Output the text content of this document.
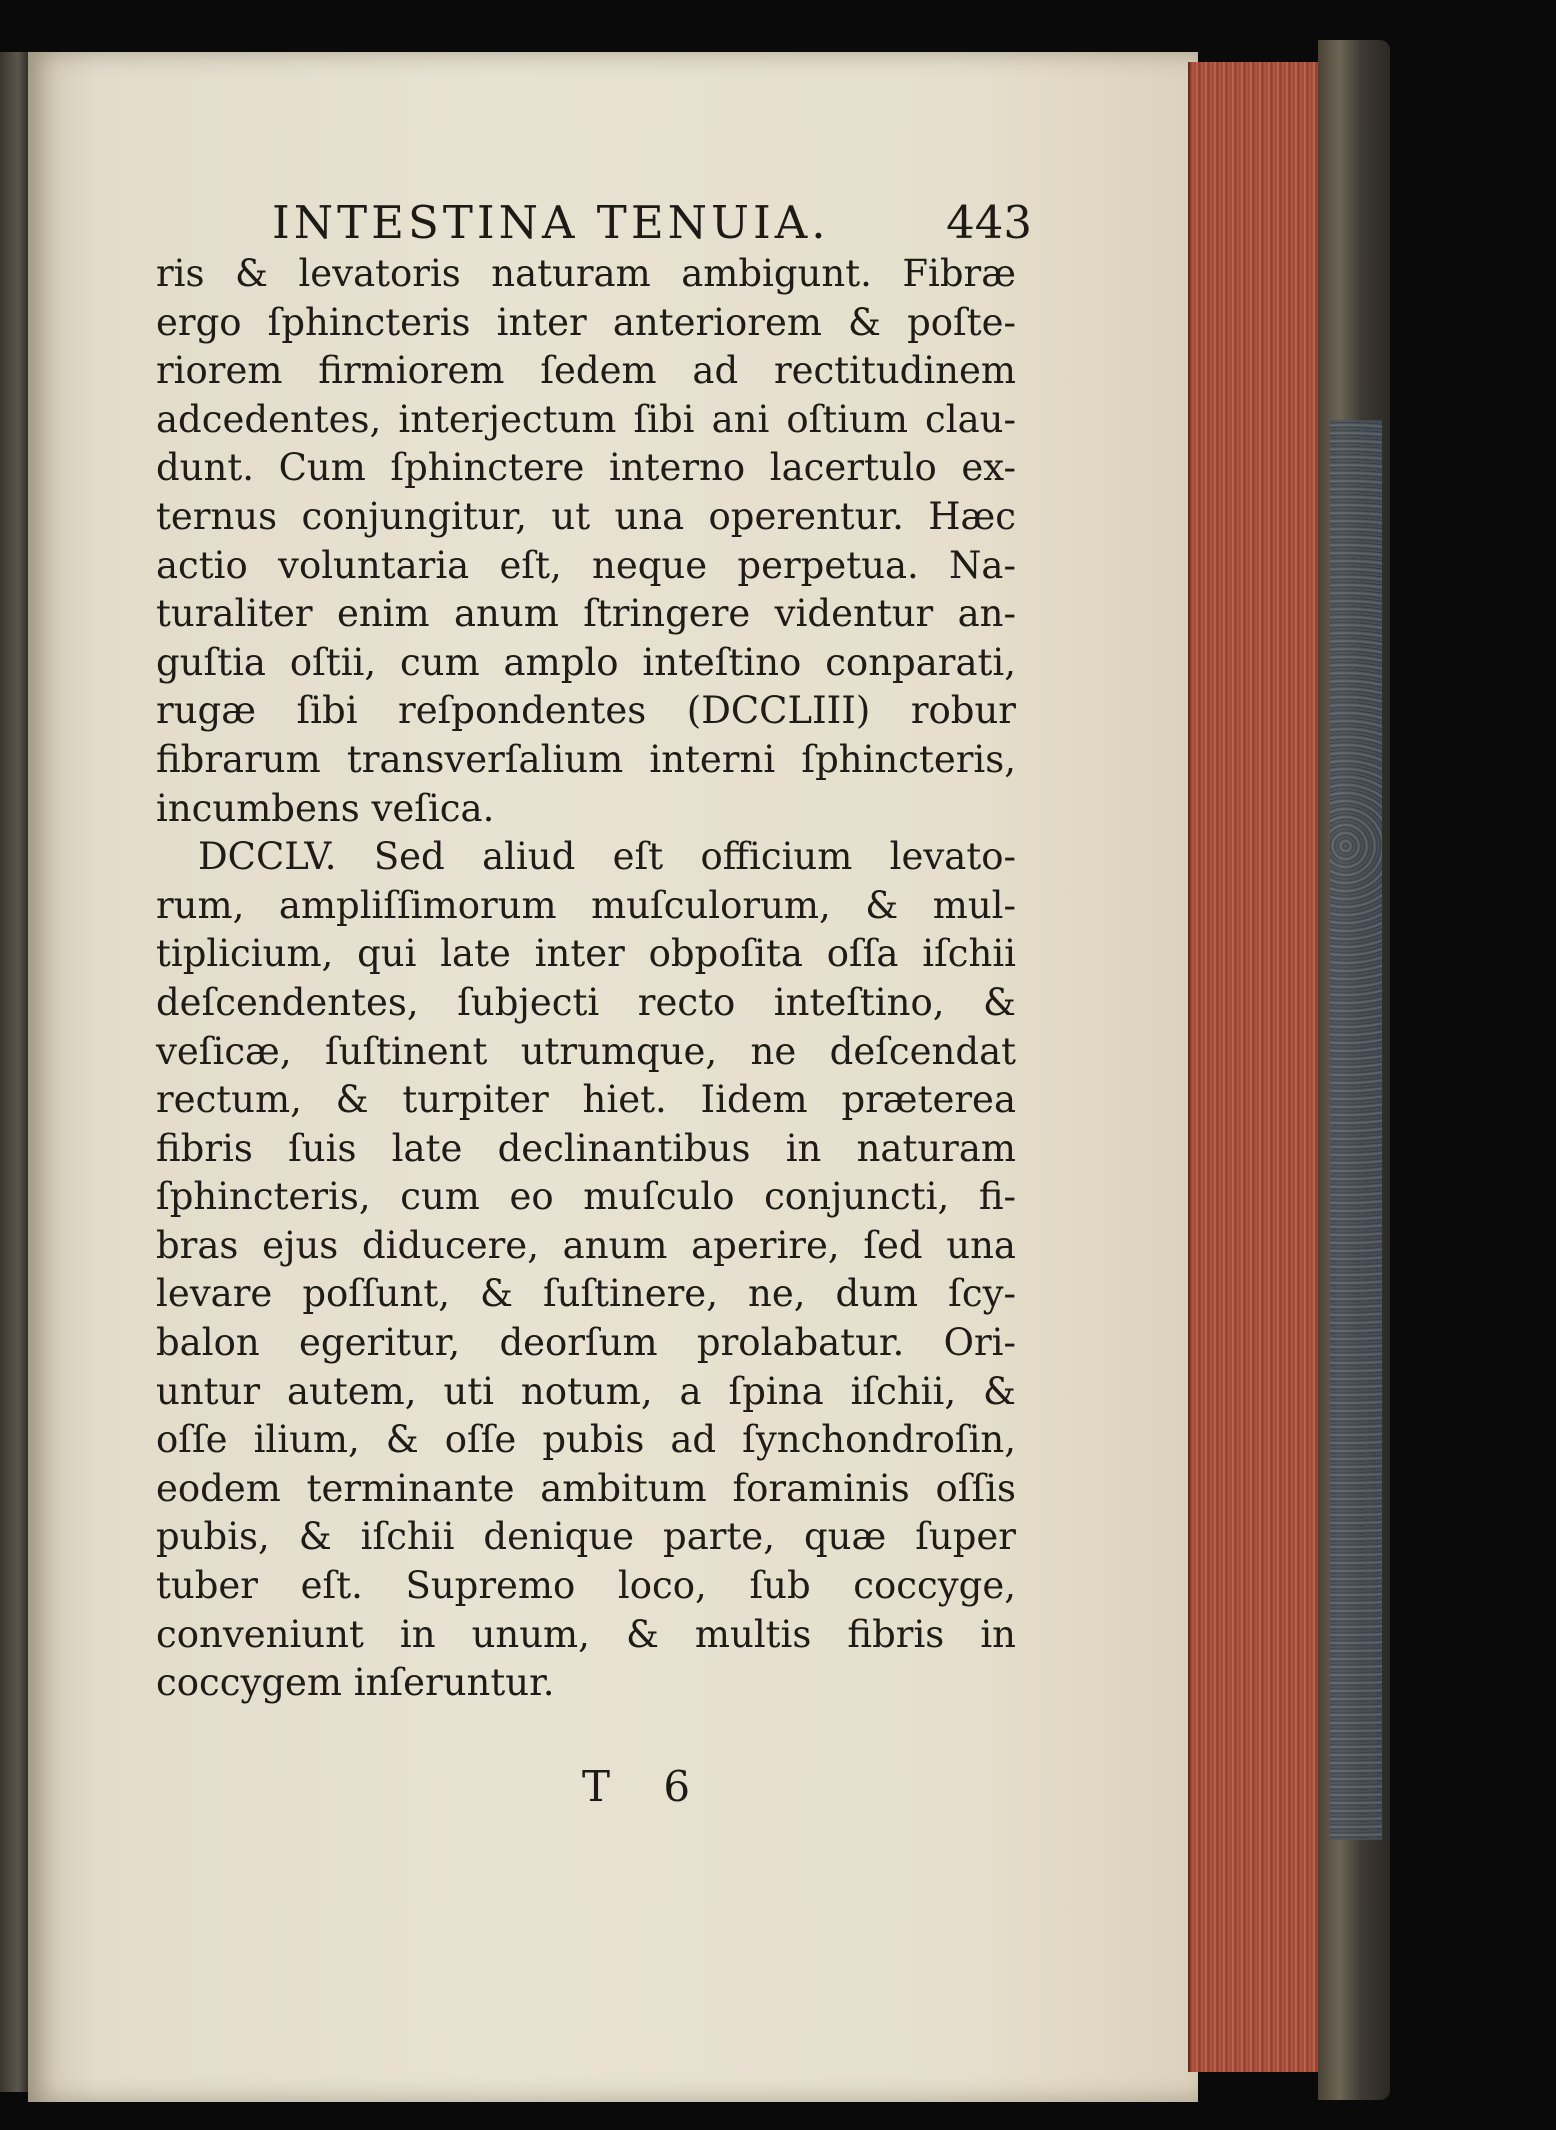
INTESTINA TENUIA.	443
ris & levatoris naturam ambigunt. Fibræ
ergo ſphincteris inter anteriorem & poſte-
riorem firmiorem ſedem ad rectitudinem
adcedentes, interjectum ſibi ani oſtium clau-
dunt. Cum ſphinctere interno lacertulo ex-
ternus conjungitur, ut una operentur. Hæc
actio voluntaria eſt, neque perpetua. Na-
turaliter enim anum ſtringere videntur an-
guſtia oſtii, cum amplo inteſtino conparati,
rugæ ſibi reſpondentes (DCCLIII) robur
fibrarum transverſalium interni ſphincteris,
incumbens veſica.
DCCLV. Sed aliud eſt officium levato-
rum, ampliſſimorum muſculorum, & mul-
tiplicium, qui late inter obpoſita oſſa iſchii
deſcendentes, ſubjecti recto inteſtino, &
veſicæ, ſuſtinent utrumque, ne deſcendat
rectum, & turpiter hiet. Iidem præterea
fibris ſuis late declinantibus in naturam
ſphincteris, cum eo muſculo conjuncti, fi-
bras ejus diducere, anum aperire, ſed una
levare poſſunt, & ſuſtinere, ne, dum ſcy-
balon egeritur, deorſum prolabatur. Ori-
untur autem, uti notum, a ſpina iſchii, &
oſſe ilium, & oſſe pubis ad ſynchondroſin,
eodem terminante ambitum foraminis oſſis
pubis, & iſchii denique parte, quæ ſuper
tuber eſt. Supremo loco, ſub coccyge,
conveniunt in unum, & multis fibris in
coccygem inſeruntur.
T 6
